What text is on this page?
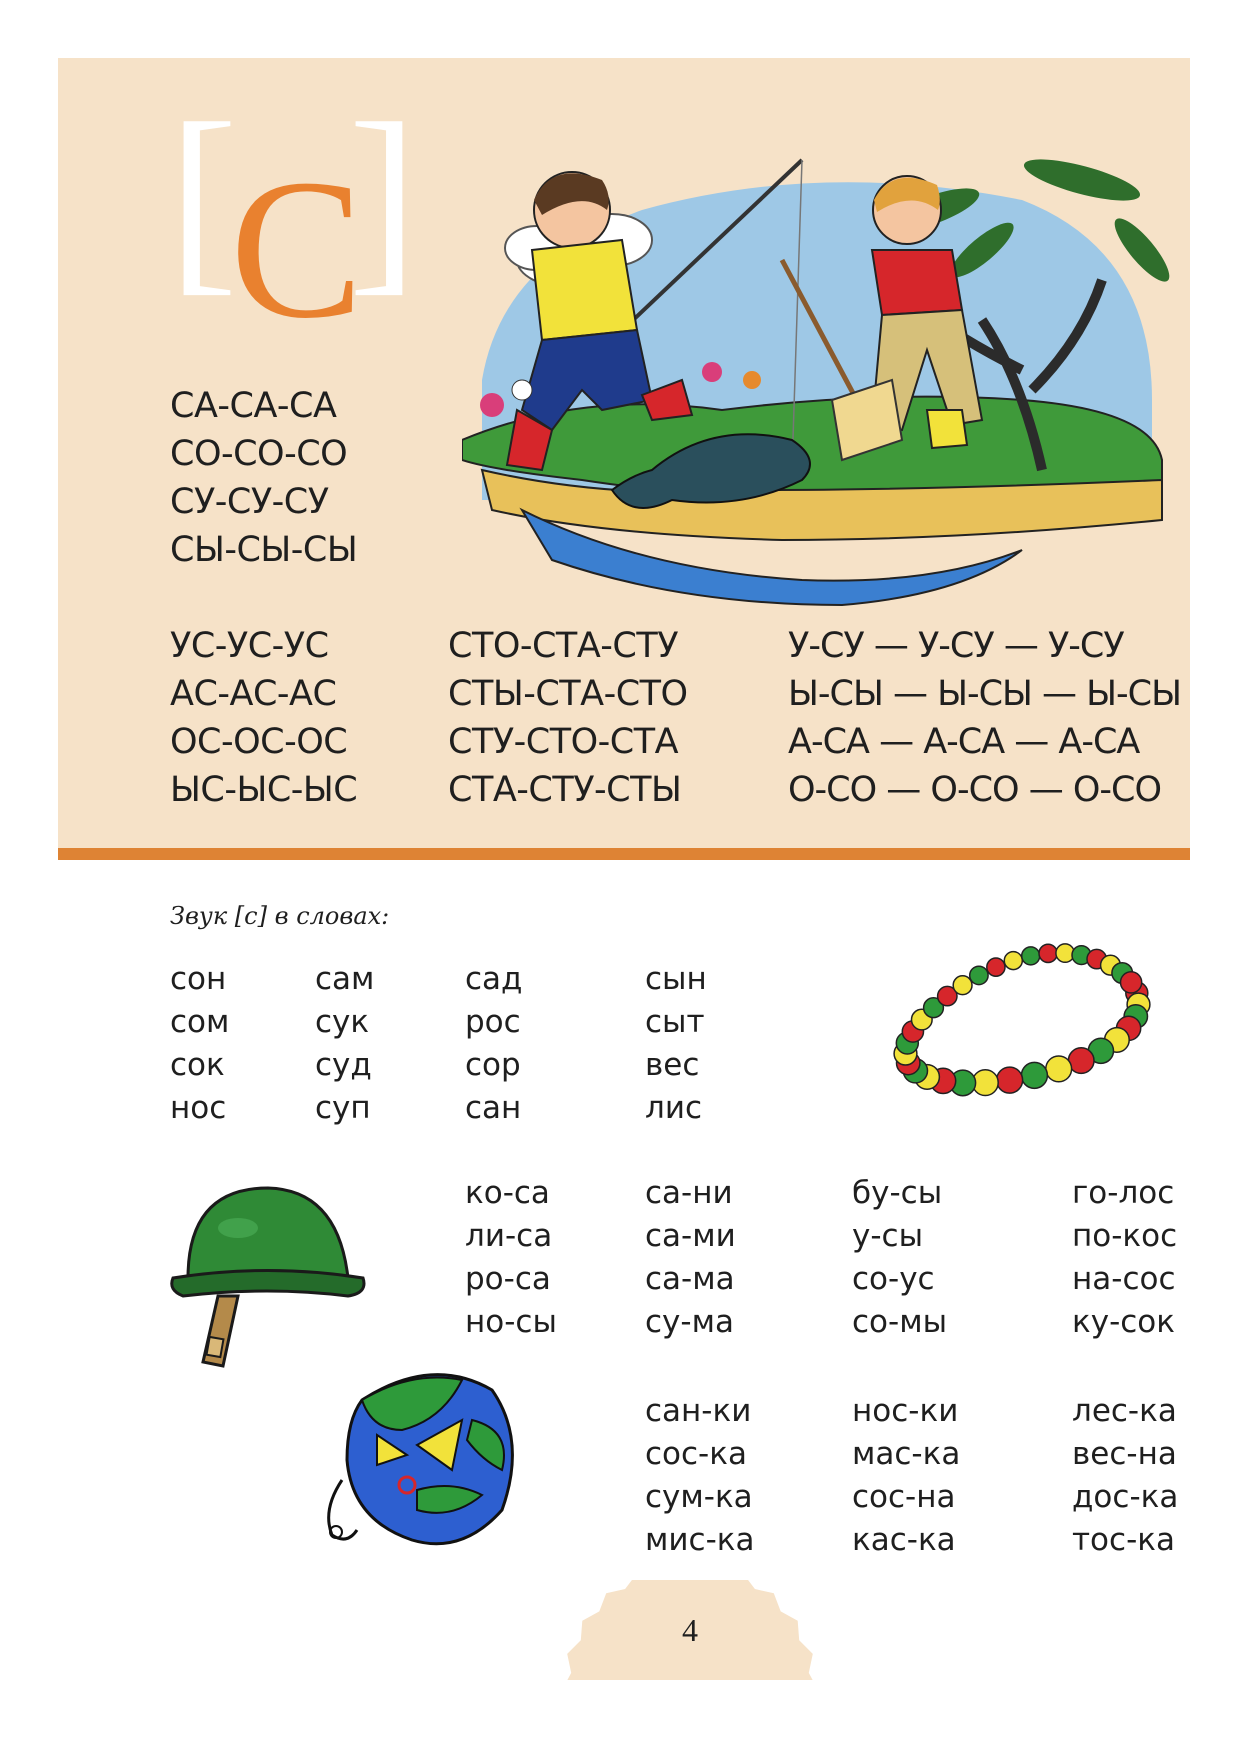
[ ]
С
СА-СА-СА
СО-СО-СО
СУ-СУ-СУ
СЫ-СЫ-СЫ
УС-УС-УС
АС-АС-АС
ОС-ОС-ОС
ЫС-ЫС-ЫС
СТО-СТА-СТУ
СТЫ-СТА-СТО
СТУ-СТО-СТА
СТА-СТУ-СТЫ
У-СУ — У-СУ — У-СУ
Ы-СЫ — Ы-СЫ — Ы-СЫ
А-СА — А-СА — А-СА
О-СО — О-СО — О-СО
Звук [с] в словах:
сон
сом
сок
нос
сам
сук
суд
суп
сад
рос
сор
сан
сын
сыт
вес
лис
ко-са
ли-са
ро-са
но-сы
са-ни
са-ми
са-ма
су-ма
бу-сы
у-сы
со-ус
со-мы
го-лос
по-кос
на-сос
ку-сок
сан-ки
сос-ка
сум-ка
мис-ка
нос-ки
мас-ка
сос-на
кас-ка
лес-ка
вес-на
дос-ка
тос-ка
4
